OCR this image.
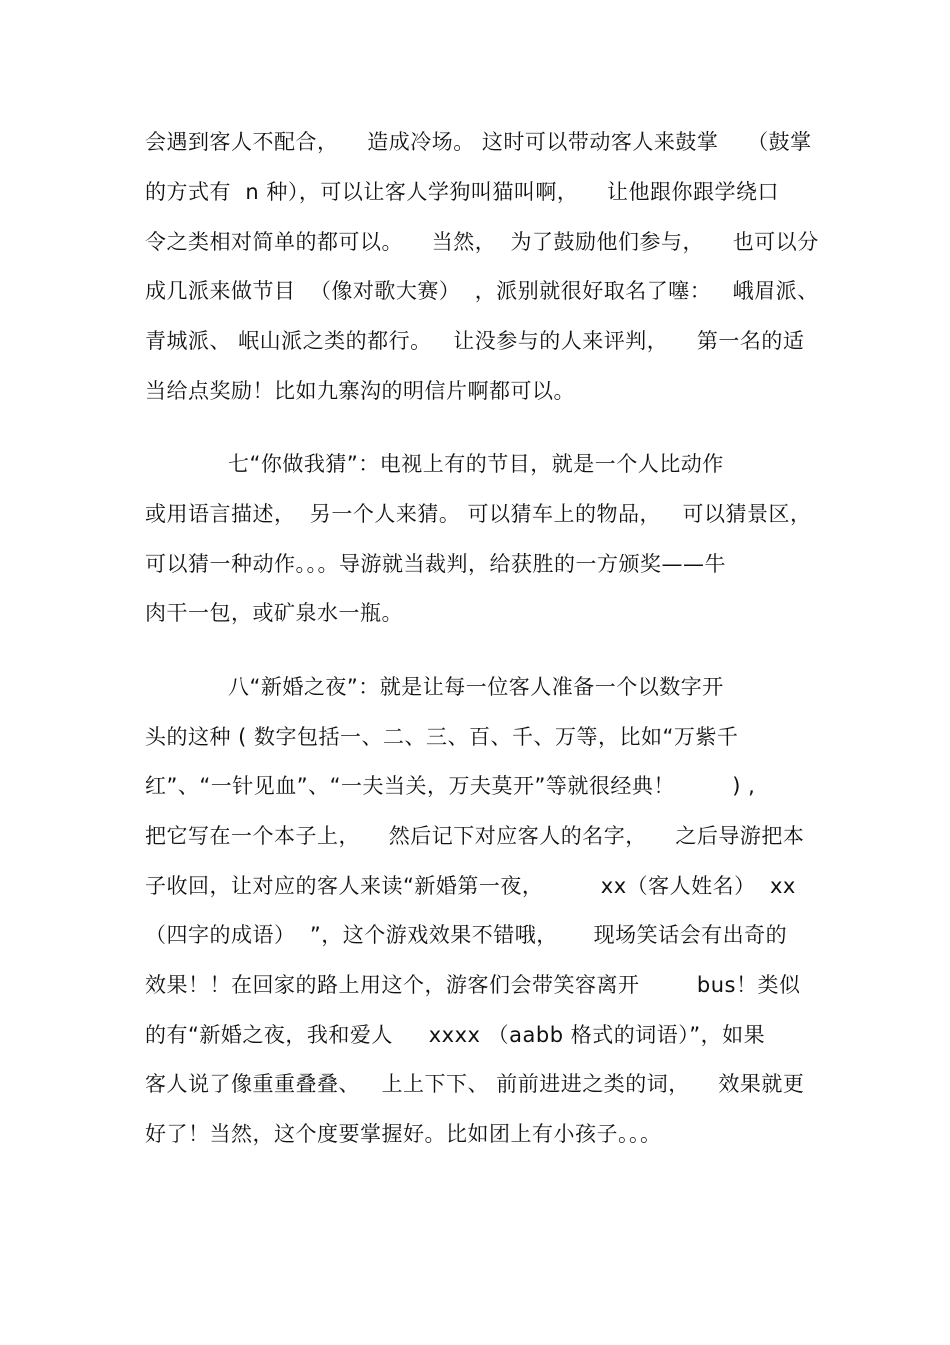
会遇到客人不配合，    造成冷场。 这时可以带动客人来鼓掌    （鼓掌
的方式有  n 种），可以让客人学狗叫猫叫啊，    让他跟你跟学绕口
令之类相对简单的都可以。    当然，  为了鼓励他们参与，    也可以分
成几派来做节目  （像对歌大赛）  ，派别就很好取名了噻：   峨眉派、
青城派、 岷山派之类的都行。   让没参与的人来评判，    第一名的适
当给点奖励！比如九寨沟的明信片啊都可以。
七“你做我猜”：电视上有的节目，就是一个人比动作
或用语言描述，  另一个人来猜。 可以猜车上的物品，   可以猜景区，
可以猜一种动作。。。导游就当裁判，给获胜的一方颁奖——牛
肉干一包，或矿泉水一瓶。
八“新婚之夜”：就是让每一位客人准备一个以数字开
头的这种 ( 数字包括一、二、三、百、千、万等，比如“万紫千
红”、“一针见血”、“一夫当关，万夫莫开”等就很经典！        ) ,
把它写在一个本子上，    然后记下对应客人的名字，    之后导游把本
子收回，让对应的客人来读“新婚第一夜，        xx（客人姓名）  xx
（四字的成语）  ”，这个游戏效果不错哦，     现场笑话会有出奇的
效果！！在回家的路上用这个，游客们会带笑容离开        bus！类似
的有“新婚之夜，我和爱人     xxxx （aabb 格式的词语）”，如果
客人说了像重重叠叠、   上上下下、 前前进进之类的词，    效果就更
好了！当然，这个度要掌握好。比如团上有小孩子。。。
